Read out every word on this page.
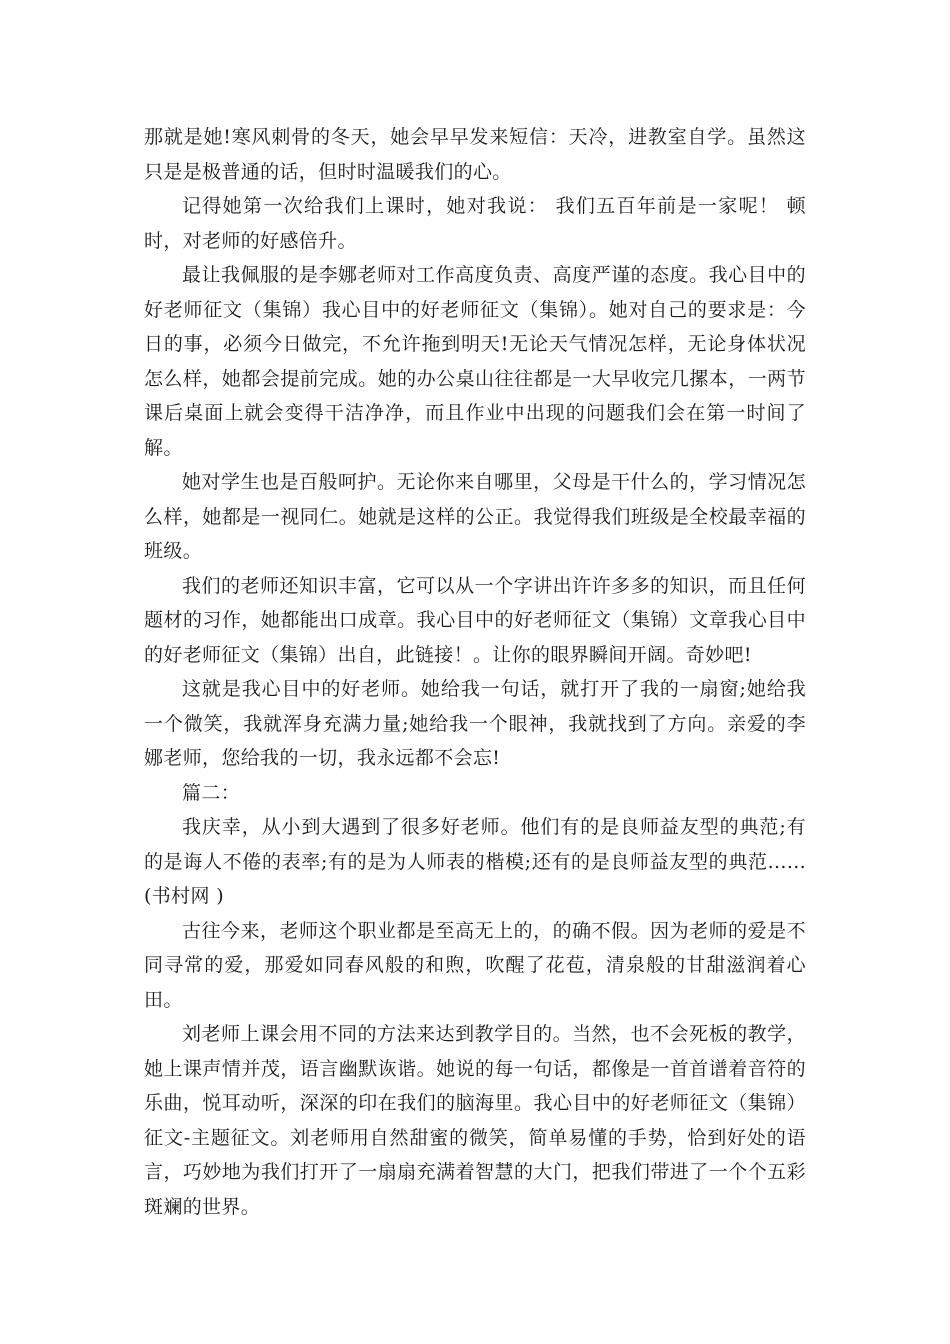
那就是她!寒风刺骨的冬天，她会早早发来短信：天冷，进教室自学。虽然这只是是极普通的话，但时时温暖我们的心。

记得她第一次给我们上课时，她对我说： 我们五百年前是一家呢！ 顿时，对老师的好感倍升。

最让我佩服的是李娜老师对工作高度负责、高度严谨的态度。我心目中的好老师征文（集锦）我心目中的好老师征文（集锦）。她对自己的要求是：今日的事，必须今日做完，不允许拖到明天!无论天气情况怎样，无论身体状况怎么样，她都会提前完成。她的办公桌山往往都是一大早收完几摞本，一两节课后桌面上就会变得干洁净净，而且作业中出现的问题我们会在第一时间了解。

她对学生也是百般呵护。无论你来自哪里，父母是干什么的，学习情况怎么样，她都是一视同仁。她就是这样的公正。我觉得我们班级是全校最幸福的班级。

我们的老师还知识丰富，它可以从一个字讲出许许多多的知识，而且任何题材的习作，她都能出口成章。我心目中的好老师征文（集锦）文章我心目中的好老师征文（集锦）出自，此链接！。让你的眼界瞬间开阔。奇妙吧!

这就是我心目中的好老师。她给我一句话，就打开了我的一扇窗;她给我一个微笑，我就浑身充满力量;她给我一个眼神，我就找到了方向。亲爱的李娜老师，您给我的一切，我永远都不会忘!

篇二：

我庆幸，从小到大遇到了很多好老师。他们有的是良师益友型的典范;有的是诲人不倦的表率;有的是为人师表的楷模;还有的是良师益友型的典范......(书村网 )

古往今来，老师这个职业都是至高无上的，的确不假。因为老师的爱是不同寻常的爱，那爱如同春风般的和煦，吹醒了花苞，清泉般的甘甜滋润着心田。

刘老师上课会用不同的方法来达到教学目的。当然，也不会死板的教学，她上课声情并茂，语言幽默诙谐。她说的每一句话，都像是一首首谱着音符的乐曲，悦耳动听，深深的印在我们的脑海里。我心目中的好老师征文（集锦）征文-主题征文。刘老师用自然甜蜜的微笑，简单易懂的手势，恰到好处的语言，巧妙地为我们打开了一扇扇充满着智慧的大门，把我们带进了一个个五彩斑斓的世界。
